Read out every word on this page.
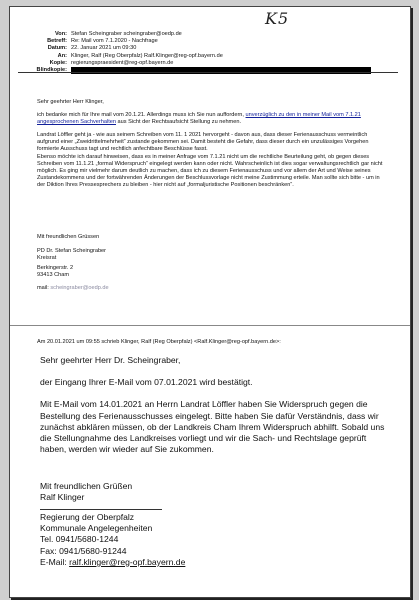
K5
Von: Stefan Scheingraber scheingraber@oedp.de
Betreff: Re: Mail vom 7.1.2020 - Nachfrage
Datum: 22. Januar 2021 um 09:30
An: Klinger, Ralf (Reg Oberpfalz) Ralf.Klinger@reg-opf.bayern.de
Kopie: regierungspraesident@reg-opf.bayern.de
Blindkopie:

Sehr geehrter Herr Klinger,

ich bedanke mich für Ihre mail vom 20.1.21. Allerdings muss ich Sie nun auffordern, unverzüglich zu den in meiner Mail vom 7.1.21 angesprochenen Sachverhalten aus Sicht der Rechtsaufsicht Stellung zu nehmen.

Landrat Löffler geht ja - wie aus seinem Schreiben vom 11. 1 2021 hervorgeht - davon aus, dass dieser Ferienausschuss vermeintlich aufgrund einer „Zweidrittelmehrheit“ zustande gekommen sei. Damit besteht die Gefahr, dass dieser durch ein unzulässiges Vorgehen formierte Ausschuss tagt und rechtlich anfechtbare Beschlüsse fasst.

Ebenso möchte ich darauf hinweisen, dass es in meiner Anfrage vom 7.1.21 nicht um die rechtliche Beurteilung geht, ob gegen dieses Schreiben vom 11.1.21 „formal Widerspruch“ eingelegt werden kann oder nicht. Wahrscheinlich ist dies sogar verwaltungsrechtlich gar nicht möglich. Es ging mir vielmehr darum deutlich zu machen, dass ich zu diesem Ferienausschuss und vor allem der Art und Weise seines Zustandekommens und der fortwährenden Änderungen der Beschlussvorlage nicht meine Zustimmung erteile. Man sollte sich bitte - um in der Diktion Ihres Pressesprechers zu bleiben - hier nicht auf „formaljuristische Positionen beschränken“.

Mit freundlichen Grüssen
PD Dr. Stefan Scheingraber
Kreisrat
Berkingerstr. 2
93413 Cham
mail: scheingraber@oedp.de
Am 20.01.2021 um 09:55 schrieb Klinger, Ralf (Reg Oberpfalz) <Ralf.Klinger@reg-opf.bayern.de>:

Sehr geehrter Herr Dr. Scheingraber,

der Eingang Ihrer E-Mail vom 07.01.2021 wird bestätigt.

Mit E-Mail vom 14.01.2021 an Herrn Landrat Löffler haben Sie Widerspruch gegen die Bestellung des Ferienausschusses eingelegt. Bitte haben Sie dafür Verständnis, dass wir zunächst abklären müssen, ob der Landkreis Cham Ihrem Widerspruch abhilft. Sobald uns die Stellungnahme des Landkreises vorliegt und wir die Sach- und Rechtslage geprüft haben, werden wir wieder auf Sie zukommen.

Mit freundlichen Grüßen
Ralf Klinger
Regierung der Oberpfalz
Kommunale Angelegenheiten
Tel. 0941/5680-1244
Fax: 0941/5680-91244
E-Mail: ralf.klinger@reg-opf.bayern.de
